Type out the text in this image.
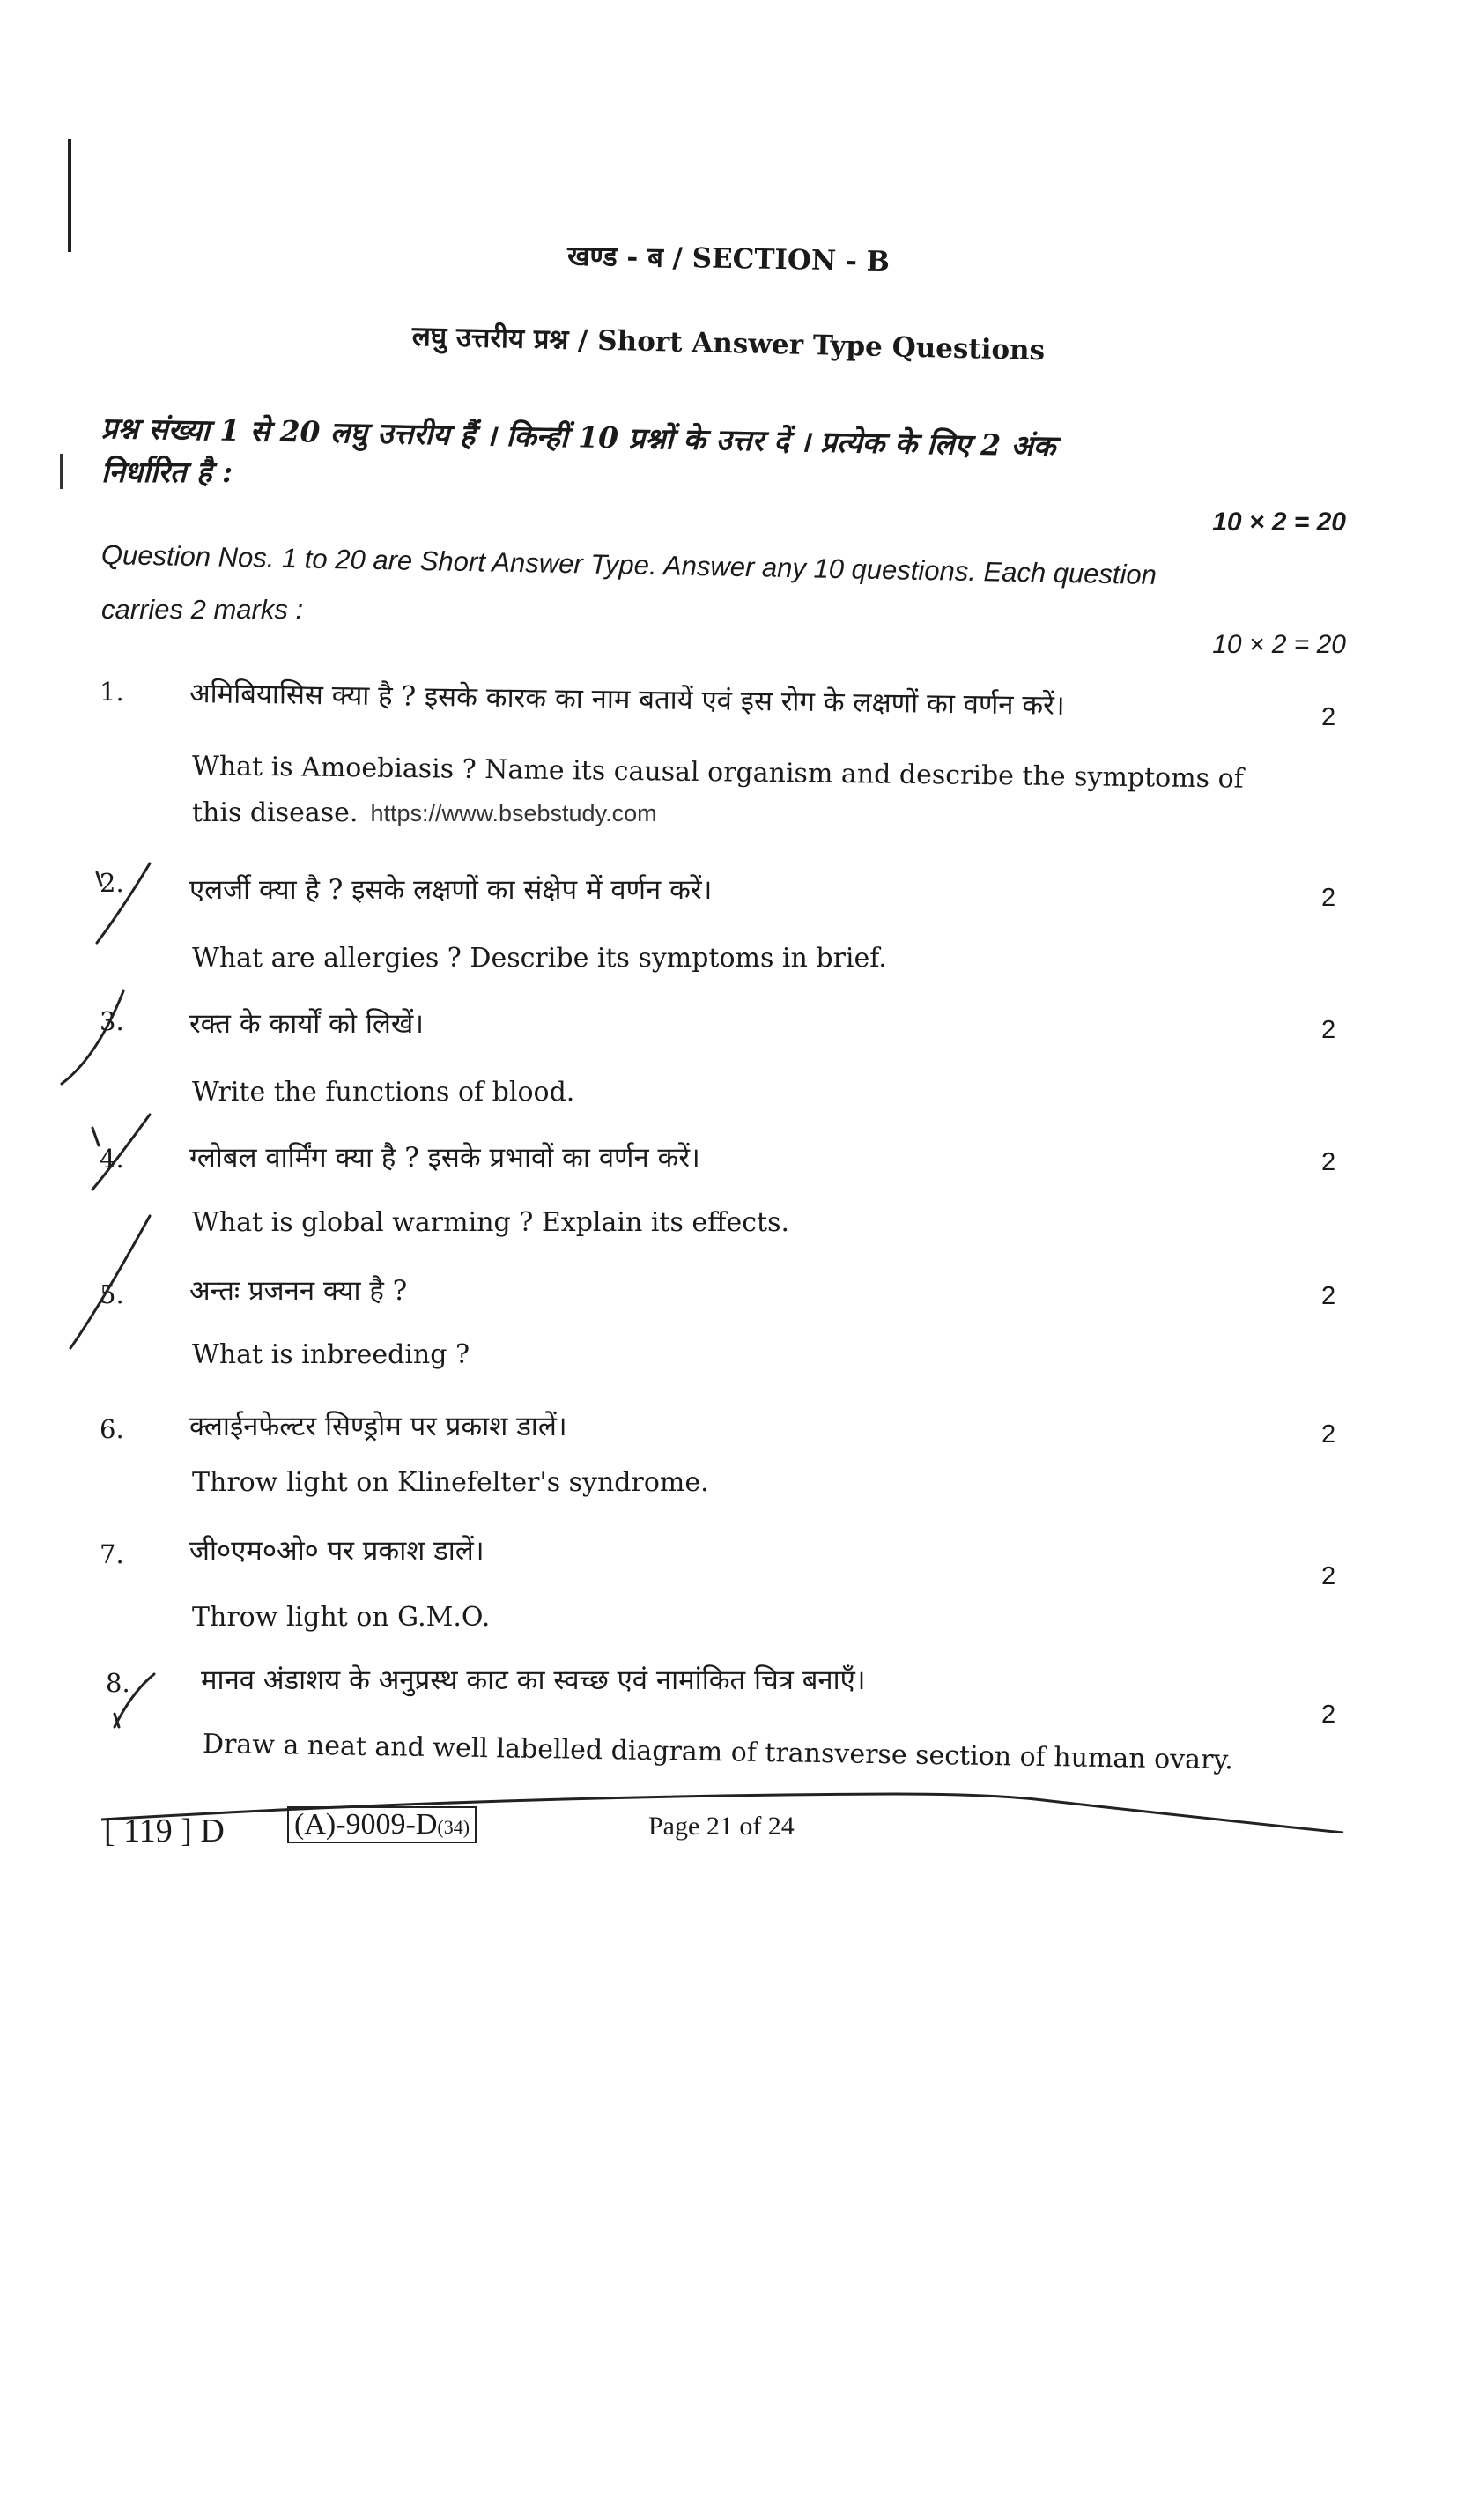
खण्ड - ब / SECTION - B
लघु उत्तरीय प्रश्न / Short Answer Type Questions
प्रश्न संख्या 1 से 20 लघु उत्तरीय हैं । किन्हीं 10 प्रश्नों के उत्तर दें । प्रत्येक के लिए 2 अंक
निर्धारित है :
10 × 2 = 20
Question Nos. 1 to 20 are Short Answer Type. Answer any 10 questions. Each question
carries 2 marks :
10 × 2 = 20
1. अमिबियासिस क्या है ? इसके कारक का नाम बतायें एवं इस रोग के लक्षणों का वर्णन करें।	2
What is Amoebiasis ? Name its causal organism and describe the symptoms of
this disease. https://www.bsebstudy.com
2. एलर्जी क्या है ? इसके लक्षणों का संक्षेप में वर्णन करें।	2
What are allergies ? Describe its symptoms in brief.
3. रक्त के कार्यों को लिखें।	2
Write the functions of blood.
4. ग्लोबल वार्मिंग क्या है ? इसके प्रभावों का वर्णन करें।	2
What is global warming ? Explain its effects.
5. अन्तः प्रजनन क्या है ?	2
What is inbreeding ?
6. क्लाईनफेल्टर सिण्ड्रोम पर प्रकाश डालें।	2
Throw light on Klinefelter's syndrome.
7. जी०एम०ओ० पर प्रकाश डालें।
2
Throw light on G.M.O.
8.	मानव अंडाशय के अनुप्रस्थ काट का स्वच्छ एवं नामांकित चित्र बनाएँ।
2
Draw a neat and well labelled diagram of transverse section of human ovary.
[ 119 ] D (A)-9009-D(34)	Page 21 of 24
